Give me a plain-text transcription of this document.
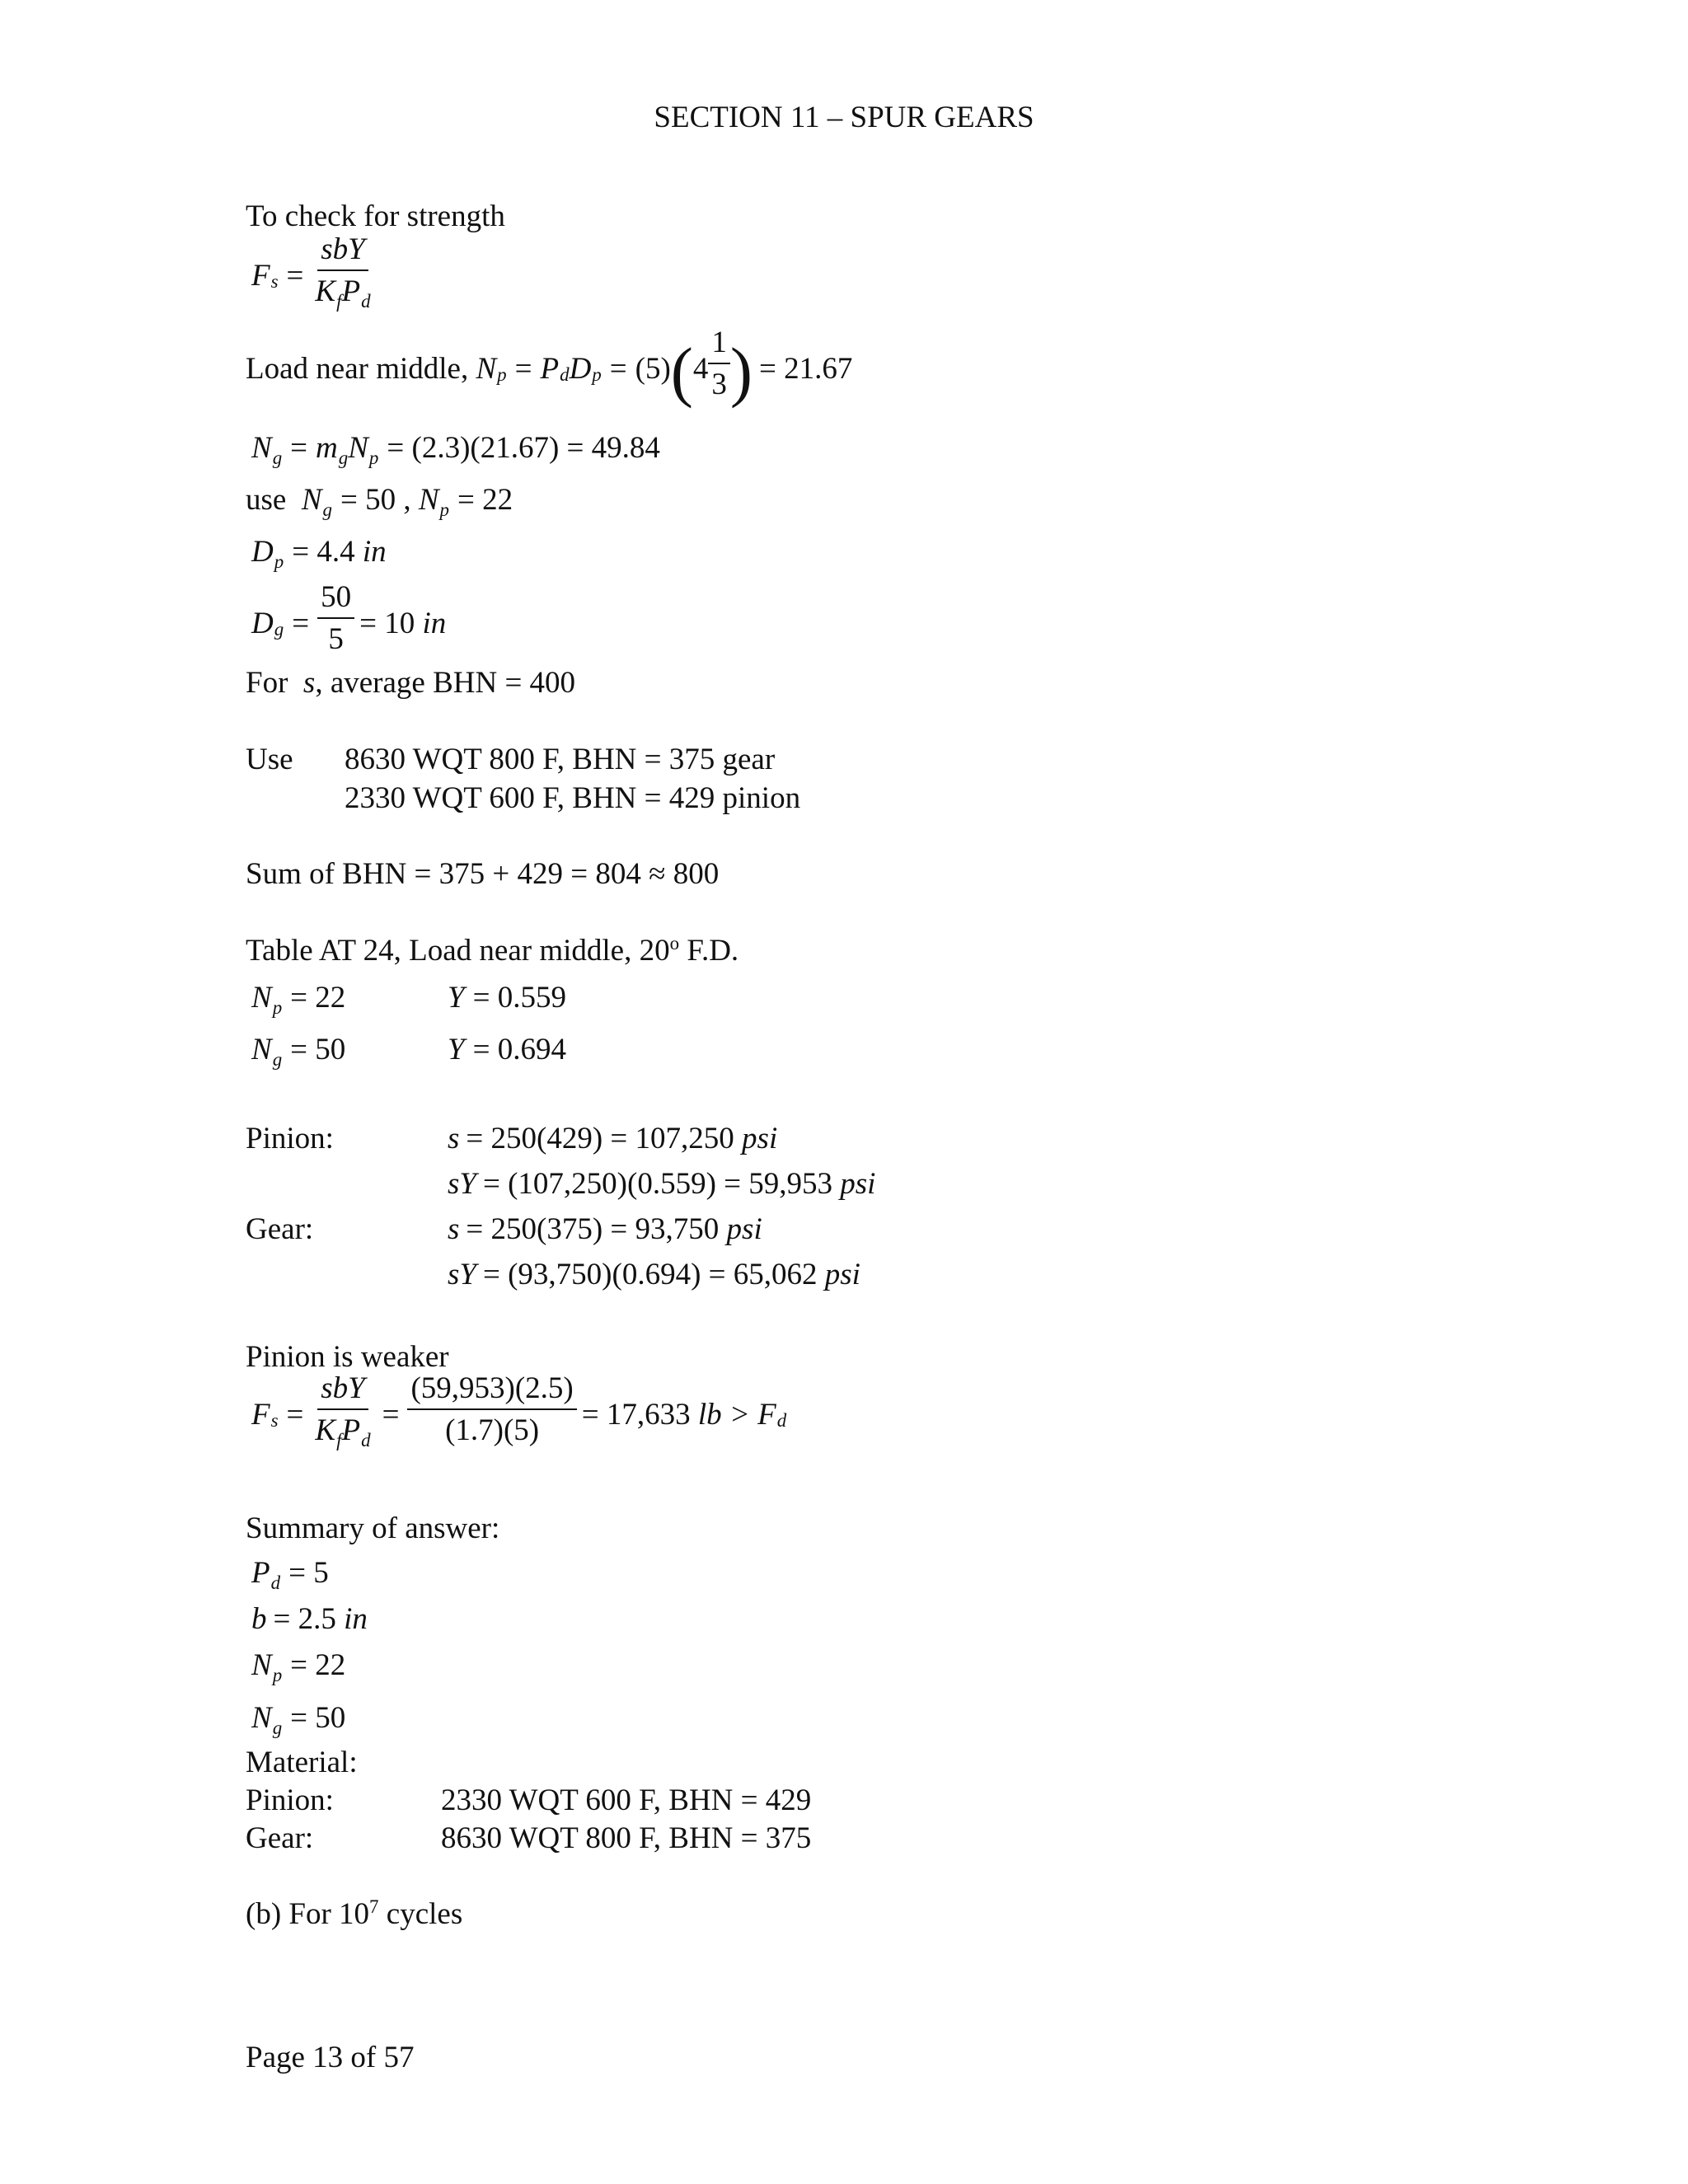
SECTION 11 – SPUR GEARS
To check for strength
F $s = \frac{\text{sbY}}{K_fP_d}$
Load near middle,
N p = P d D p = (5) ( $4 \frac{1}{3}$ ) = 21.67
N g = m g N p = (2.3)(21.67) = 49.84
use
N g = 50 ,
N p = 22
D p = 4.4
in
D $g = \frac{50}{5} = 10$
in
For
s , average BHN = 400
Use 8630 WQT 800 F, BHN = 375 gear
2330 WQT 600 F, BHN = 429 pinion
Sum of BHN = 375 + 429 = 804 ≈ 800
Table AT 24, Load near middle, 20$^o$ F.D.
N p = 22	Y = 0.559
N g = 50	Y = 0.694
Pinion:	s = 250(429) = 107,250
psi
sY = (107,250)(0.559) = 59,953
psi
Gear:	s = 250(375) = 93,750
psi
sY = (93,750)(0.694) = 65,062
psi
Pinion is weaker
F $s = \frac{\text{sbY}}{K_fP_d} = \frac{(59,953)(2.5)}{(1.7)(5)} = 17,633$
lb
> F d
Summary of answer:
P d = 5
b = 2.5
in
N p = 22
N g = 50
Material:
Pinion:	2330 WQT 600 F, BHN = 429
Gear:	8630 WQT 800 F, BHN = 375
(b) For $10^7$ cycles
Page 13 of 57
